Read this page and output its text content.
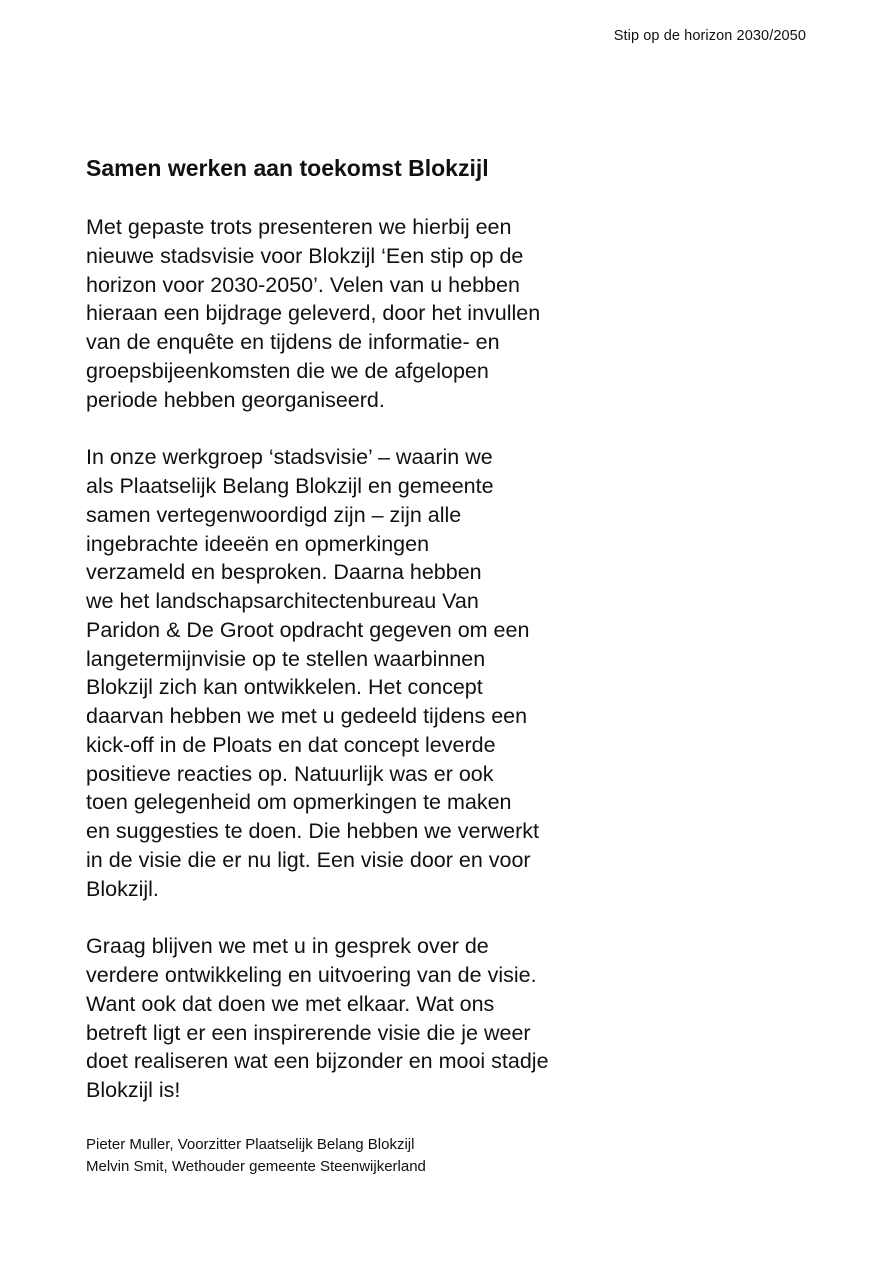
Stip op de horizon 2030/2050
Samen werken aan toekomst Blokzijl
Met gepaste trots presenteren we hierbij een
nieuwe stadsvisie voor Blokzijl ‘Een stip op de
horizon voor 2030-2050’. Velen van u hebben
hieraan een bijdrage geleverd, door het invullen
van de enquête en tijdens de informatie- en
groepsbijeenkomsten die we de afgelopen
periode hebben georganiseerd.
In onze werkgroep ‘stadsvisie’ – waarin we
als Plaatselijk Belang Blokzijl en gemeente
samen vertegenwoordigd zijn – zijn alle
ingebrachte ideeën en opmerkingen
verzameld en besproken. Daarna hebben
we het landschapsarchitectenbureau Van
Paridon & De Groot opdracht gegeven om een
langetermijnvisie op te stellen waarbinnen
Blokzijl zich kan ontwikkelen. Het concept
daarvan hebben we met u gedeeld tijdens een
kick-off in de Ploats en dat concept leverde
positieve reacties op. Natuurlijk was er ook
toen gelegenheid om opmerkingen te maken
en suggesties te doen. Die hebben we verwerkt
in de visie die er nu ligt. Een visie door en voor
Blokzijl.
Graag blijven we met u in gesprek over de
verdere ontwikkeling en uitvoering van de visie.
Want ook dat doen we met elkaar. Wat ons
betreft ligt er een inspirerende visie die je weer
doet realiseren wat een bijzonder en mooi stadje
Blokzijl is!
Pieter Muller, Voorzitter Plaatselijk Belang Blokzijl
Melvin Smit, Wethouder gemeente Steenwijkerland
